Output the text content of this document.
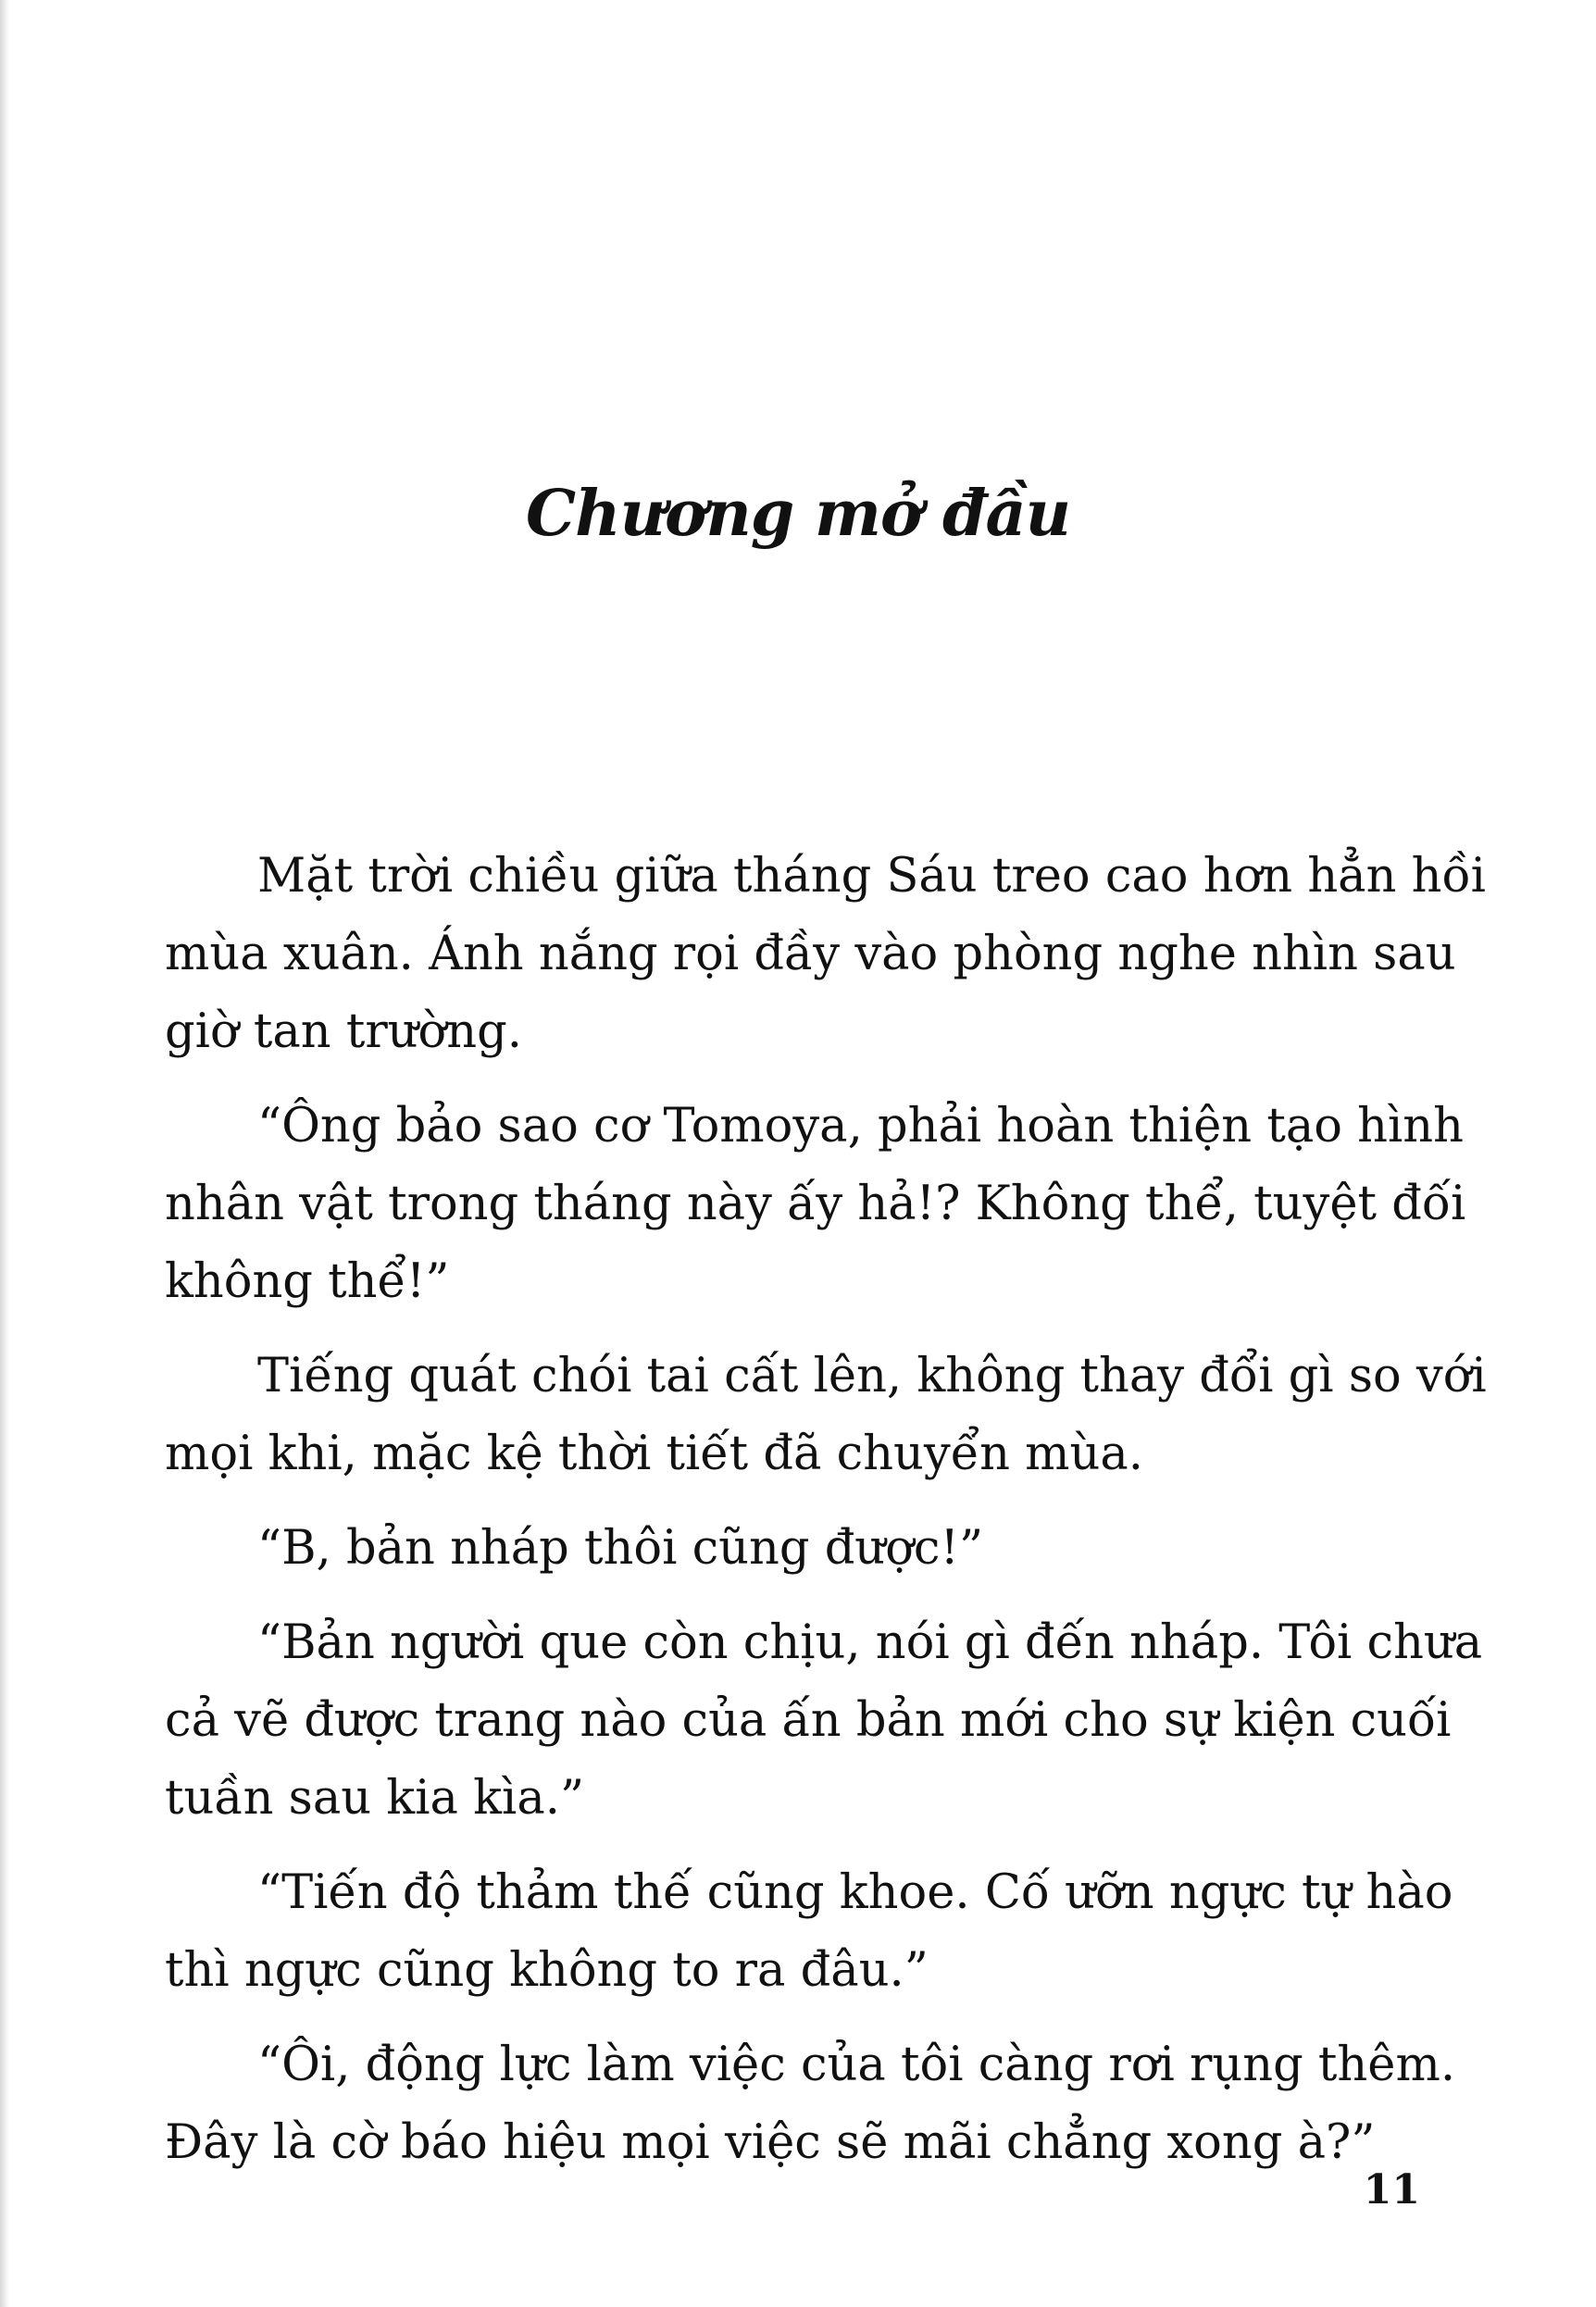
Chương mở đầu
Mặt trời chiều giữa tháng Sáu treo cao hơn hẳn hồi
mùa xuân. Ánh nắng rọi đầy vào phòng nghe nhìn sau
giờ tan trường.
“Ông bảo sao cơ Tomoya, phải hoàn thiện tạo hình
nhân vật trong tháng này ấy hả!? Không thể, tuyệt đối
không thể!”
Tiếng quát chói tai cất lên, không thay đổi gì so với
mọi khi, mặc kệ thời tiết đã chuyển mùa.
“B, bản nháp thôi cũng được!”
“Bản người que còn chịu, nói gì đến nháp. Tôi chưa
cả vẽ được trang nào của ấn bản mới cho sự kiện cuối
tuần sau kia kìa.”
“Tiến độ thảm thế cũng khoe. Cố ưỡn ngực tự hào
thì ngực cũng không to ra đâu.”
“Ôi, động lực làm việc của tôi càng rơi rụng thêm.
Đây là cờ báo hiệu mọi việc sẽ mãi chẳng xong à?”
11
